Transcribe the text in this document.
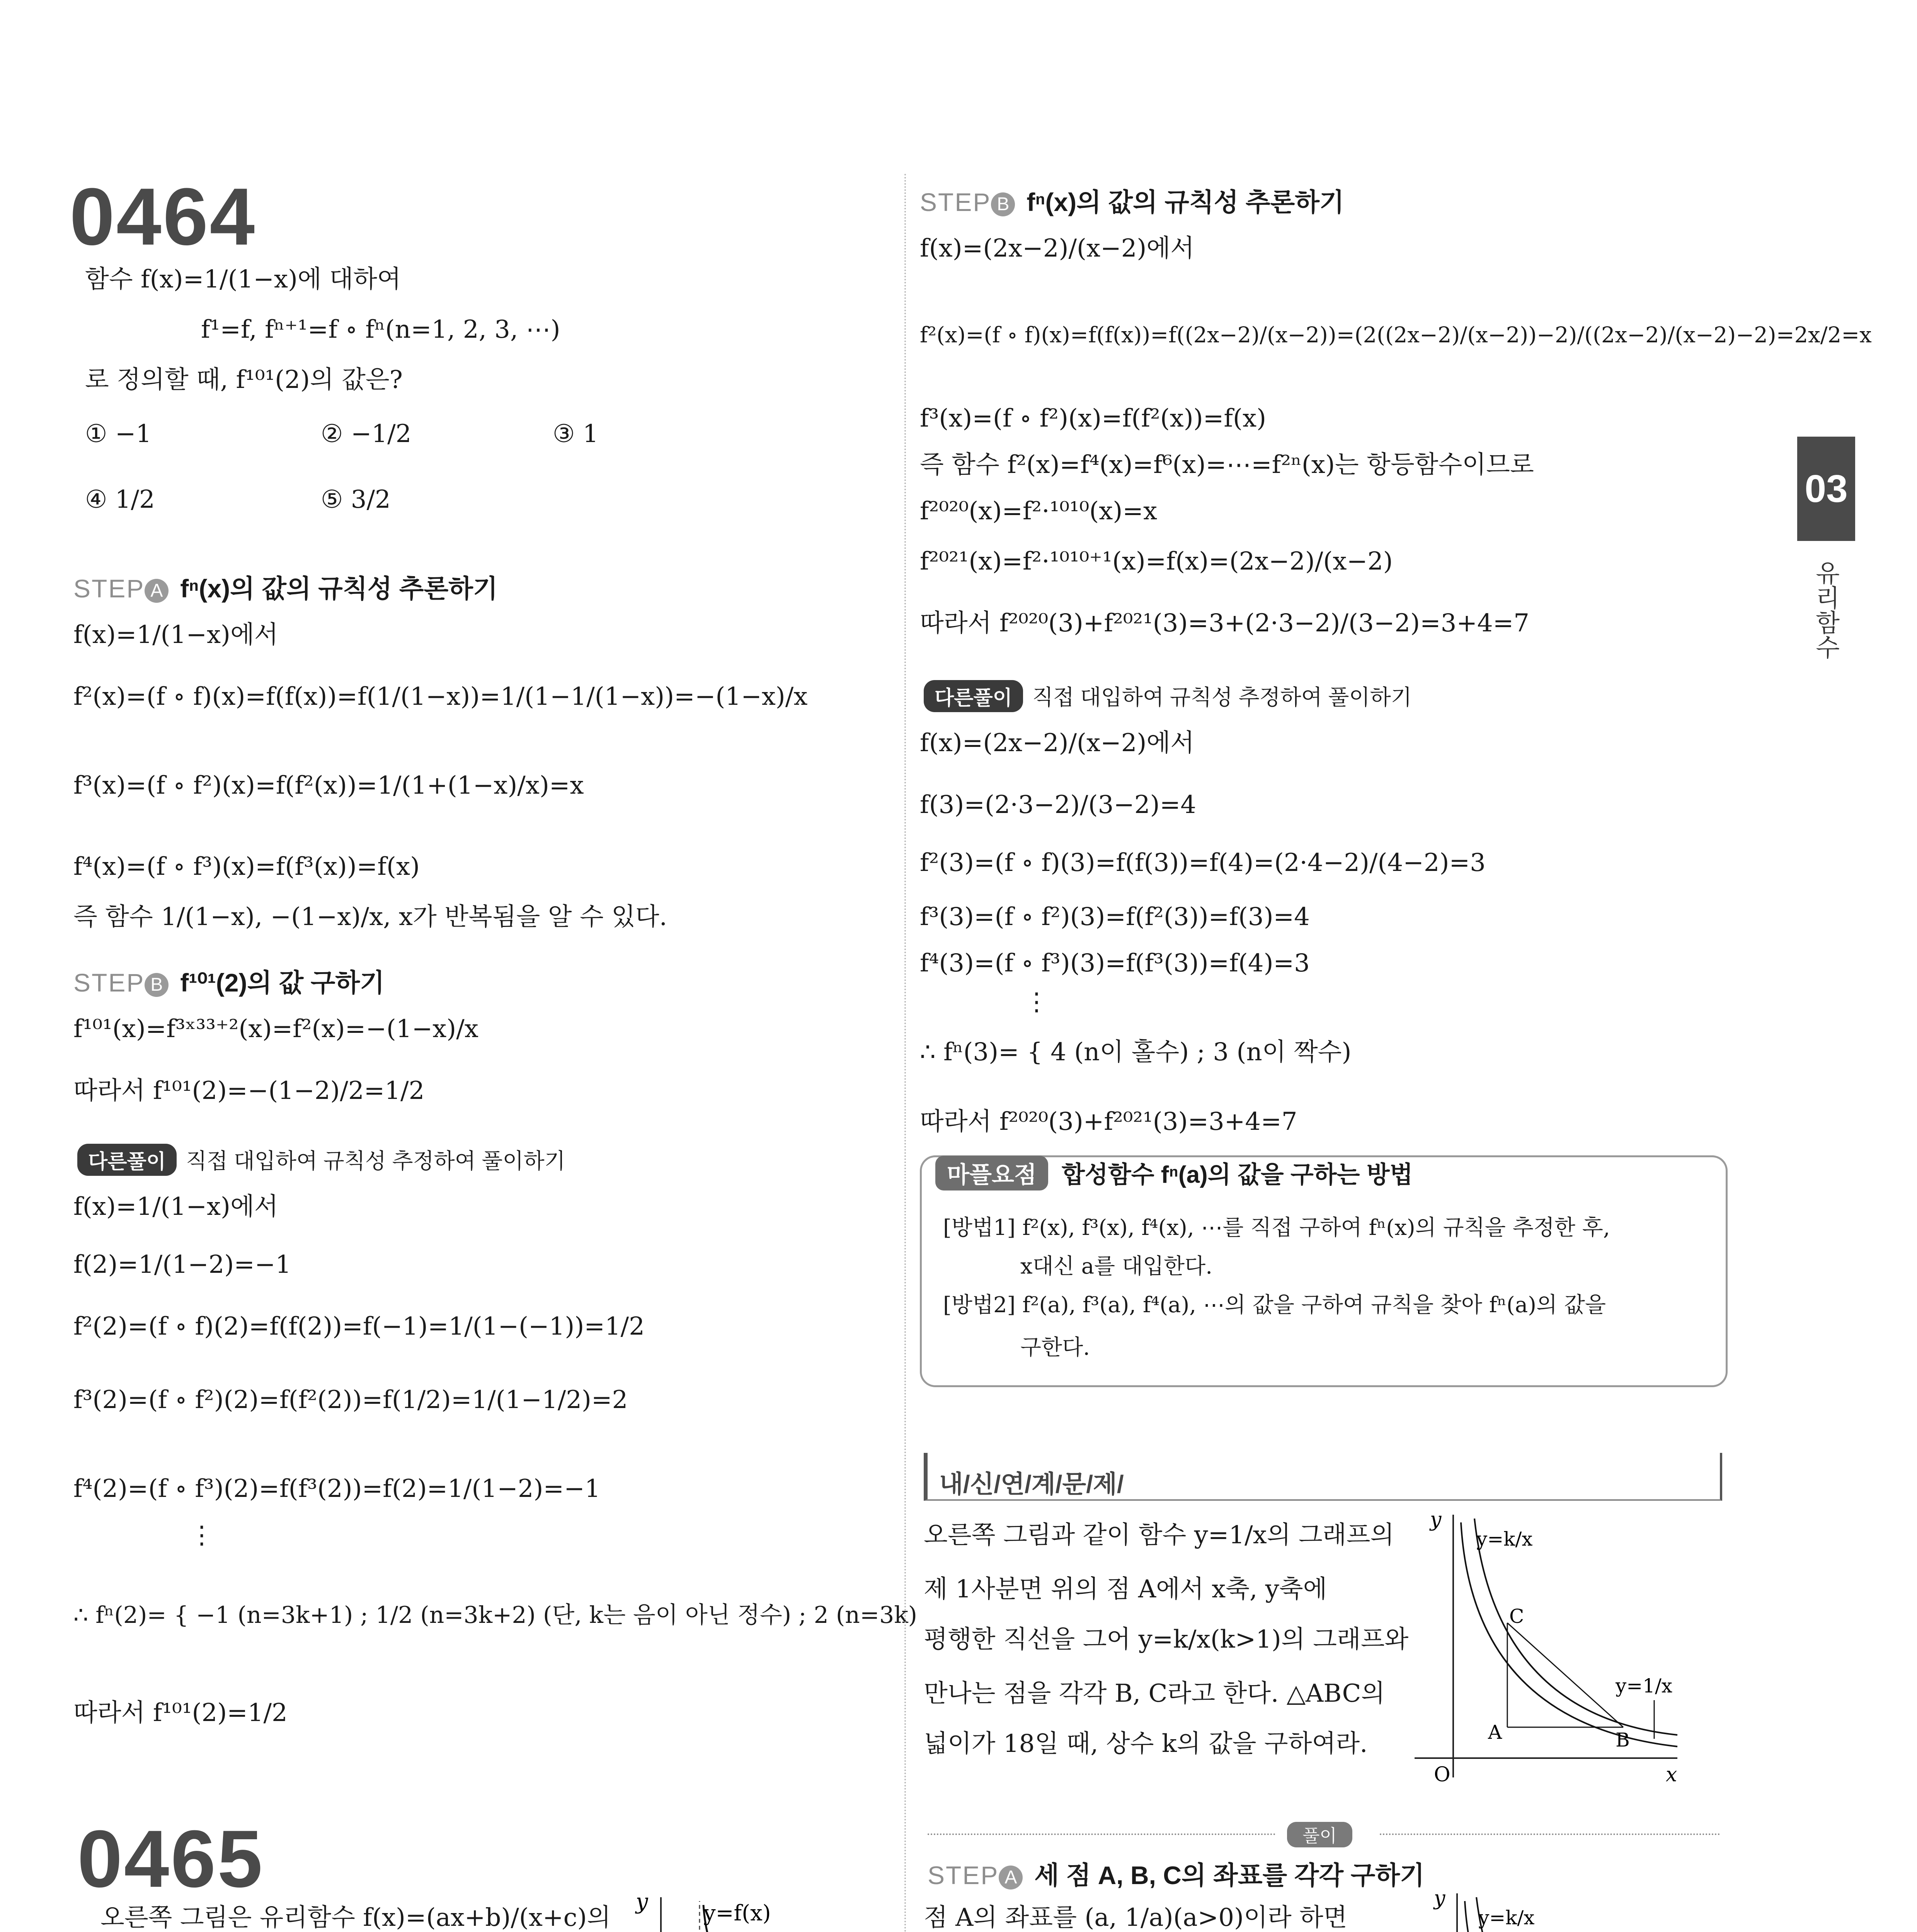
0464
함수 f(x)=1/(1−x)에 대하여
f¹=f, fⁿ⁺¹=f ∘ fⁿ(n=1, 2, 3, ⋯)
로 정의할 때, f¹⁰¹(2)의 값은?
① −1	② −1/2	③ 1
④ 1/2	⑤ 3/2
STEP A fⁿ(x)의 값의 규칙성 추론하기
f(x)=1/(1−x)에서
f²(x)=(f ∘ f)(x)=f(f(x))=f(1/(1−x))=1/(1−1/(1−x))=−(1−x)/x
f³(x)=(f ∘ f²)(x)=f(f²(x))=1/(1+(1−x)/x)=x
f⁴(x)=(f ∘ f³)(x)=f(f³(x))=f(x)
즉 함수 1/(1−x), −(1−x)/x, x가 반복됨을 알 수 있다.
STEP B f¹⁰¹(2)의 값 구하기
f¹⁰¹(x)=f³ˣ³³⁺²(x)=f²(x)=−(1−x)/x
따라서 f¹⁰¹(2)=−(1−2)/2=1/2
다른풀이 직접 대입하여 규칙성 추정하여 풀이하기
f(x)=1/(1−x)에서
f(2)=1/(1−2)=−1
f²(2)=(f ∘ f)(2)=f(f(2))=f(−1)=1/(1−(−1))=1/2
f³(2)=(f ∘ f²)(2)=f(f²(2))=f(1/2)=1/(1−1/2)=2
f⁴(2)=(f ∘ f³)(2)=f(f³(2))=f(2)=1/(1−2)=−1
⋮
∴ fⁿ(2)= { −1 (n=3k+1) ; 1/2 (n=3k+2) (단, k는 음이 아닌 정수) ; 2 (n=3k)
따라서 f¹⁰¹(2)=1/2
0465
오른쪽 그림은 유리함수 f(x)=(ax+b)/(x+c)의
y	y=f(x)
STEP B fⁿ(x)의 값의 규칙성 추론하기
f(x)=(2x−2)/(x−2)에서
f²(x)=(f ∘ f)(x)=f(f(x))=f((2x−2)/(x−2))=(2((2x−2)/(x−2))−2)/((2x−2)/(x−2)−2)=2x/2=x
f³(x)=(f ∘ f²)(x)=f(f²(x))=f(x)
즉 함수 f²(x)=f⁴(x)=f⁶(x)=⋯=f²ⁿ(x)는 항등함수이므로
f²⁰²⁰(x)=f²·¹⁰¹⁰(x)=x
f²⁰²¹(x)=f²·¹⁰¹⁰⁺¹(x)=f(x)=(2x−2)/(x−2)
따라서 f²⁰²⁰(3)+f²⁰²¹(3)=3+(2·3−2)/(3−2)=3+4=7
다른풀이 직접 대입하여 규칙성 추정하여 풀이하기
f(x)=(2x−2)/(x−2)에서
f(3)=(2·3−2)/(3−2)=4
f²(3)=(f ∘ f)(3)=f(f(3))=f(4)=(2·4−2)/(4−2)=3
f³(3)=(f ∘ f²)(3)=f(f²(3))=f(3)=4
f⁴(3)=(f ∘ f³)(3)=f(f³(3))=f(4)=3
⋮
∴ fⁿ(3)= { 4 (n이 홀수) ; 3 (n이 짝수)
따라서 f²⁰²⁰(3)+f²⁰²¹(3)=3+4=7
마플요점 합성함수 fⁿ(a)의 값을 구하는 방법
[방법1] f²(x), f³(x), f⁴(x), ⋯를 직접 구하여 fⁿ(x)의 규칙을 추정한 후,
x대신 a를 대입한다.
[방법2] f²(a), f³(a), f⁴(a), ⋯의 값을 구하여 규칙을 찾아 fⁿ(a)의 값을
구한다.
내/신/연/계/문/제/
오른쪽 그림과 같이 함수 y=1/x의 그래프의
제 1사분면 위의 점 A에서 x축, y축에
평행한 직선을 그어 y=k/x(k>1)의 그래프와
만나는 점을 각각 B, C라고 한다. △ABC의
넓이가 18일 때, 상수 k의 값을 구하여라.
y
x
O
y=k/x
y=1/x
A	B
C
풀이
STEP A 세 점 A, B, C의 좌표를 각각 구하기
점 A의 좌표를 (a, 1/a)(a>0)이라 하면
y
y=k/x
03
유리함수
